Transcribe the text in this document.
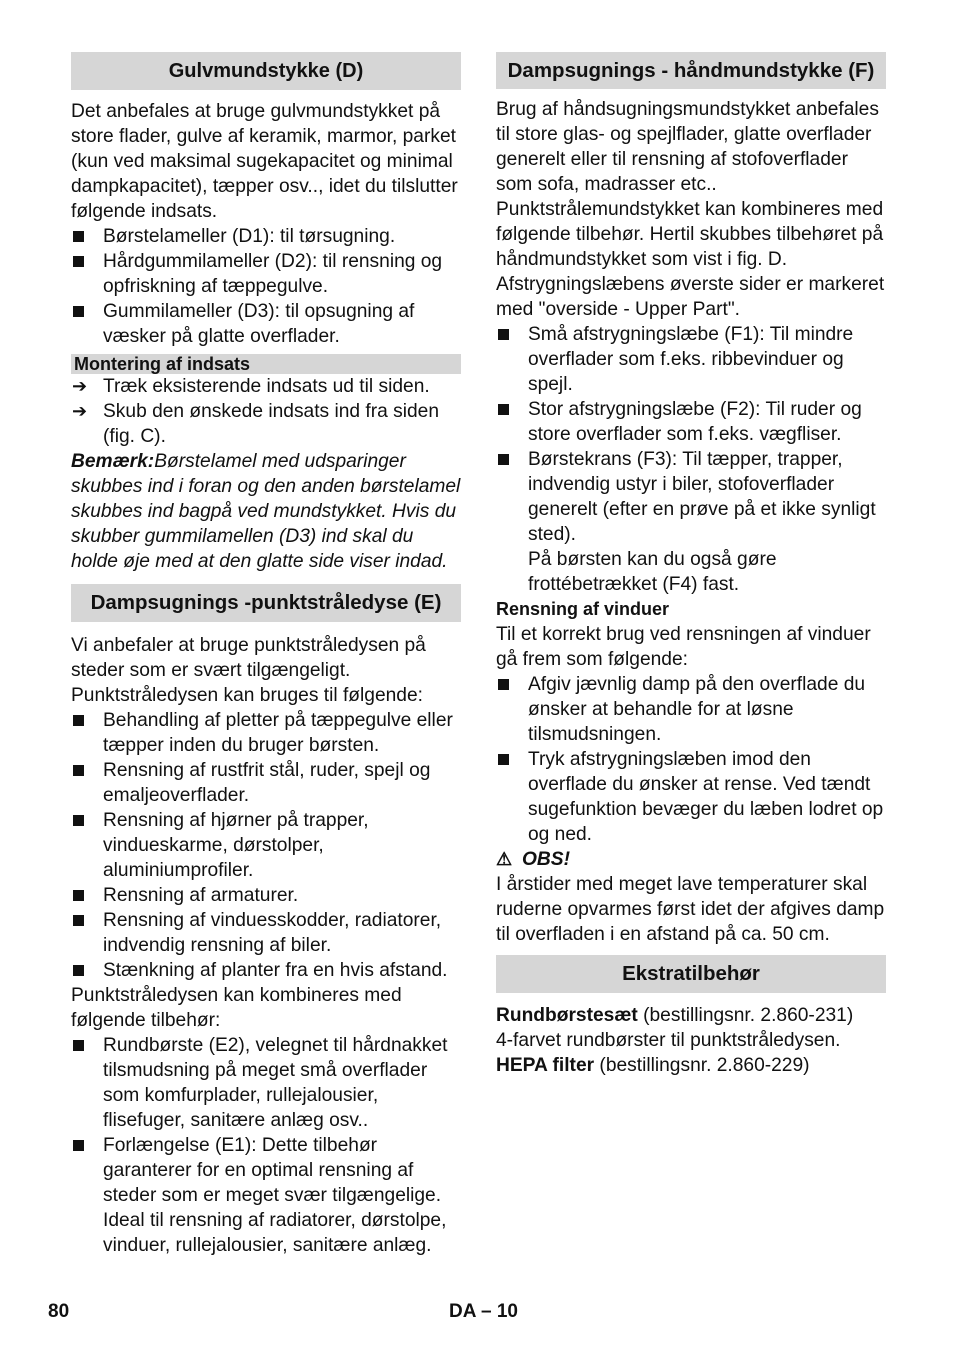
Gulvmundstykke (D)

Det anbefales at bruge gulvmundstykket på store flader, gulve af keramik, marmor, parket (kun ved maksimal sugekapacitet og minimal dampkapacitet), tæpper osv.., idet du tilslutter følgende indsats.

Børstelameller (D1): til tørsugning.
Hårdgummilameller (D2): til rensning og opfriskning af tæppegulve.
Gummilameller (D3): til opsugning af væsker på glatte overflader.
Montering af indsats
➔ Træk eksisterende indsats ud til siden.
➔ Skub den ønskede indsats ind fra siden (fig. C).

Bemærk:Børstelamel med udsparinger skubbes ind i foran og den anden børstelamel skubbes ind bagpå ved mundstykket. Hvis du skubber gummilamellen (D3) ind skal du holde øje med at den glatte side viser indad.

Dampsugnings -punktstråledyse (E)

Vi anbefaler at bruge punktstråledysen på steder som er svært tilgængeligt.

Punktstråledysen kan bruges til følgende:

Behandling af pletter på tæppegulve eller tæpper inden du bruger børsten.
Rensning af rustfrit stål, ruder, spejl og emaljeoverflader.
Rensning af hjørner på trapper, vindueskarme, dørstolper, aluminiumprofiler.
Rensning af armaturer.
Rensning af vinduesskodder, radiatorer, indvendig rensning af biler.
Stænkning af planter fra en hvis afstand.

Punktstråledysen kan kombineres med følgende tilbehør:

Rundbørste (E2), velegnet til hårdnakket tilsmudsning på meget små overflader som komfurplader, rullejalousier, flisefuger, sanitære anlæg osv..
Forlængelse (E1): Dette tilbehør garanterer for en optimal rensning af steder som er meget svær tilgængelige. Ideal til rensning af radiatorer, dørstolpe, vinduer, rullejalousier, sanitære anlæg.
Dampsugnings - håndmundstykke (F)

Brug af håndsugningsmundstykket anbefales til store glas- og spejlflader, glatte overflader generelt eller til rensning af stofoverflader som sofa, madrasser etc..

Punktstrålemundstykket kan kombineres med følgende tilbehør. Hertil skubbes tilbehøret på håndmundstykket som vist i fig. D.

Afstrygningslæbens øverste sider er markeret med "overside - Upper Part".

Små afstrygningslæbe (F1): Til mindre overflader som f.eks. ribbevinduer og spejl.
Stor afstrygningslæbe (F2): Til ruder og store overflader som f.eks. vægfliser.
Børstekrans (F3): Til tæpper, trapper, indvendig ustyr i biler, stofoverflader generelt (efter en prøve på et ikke synligt sted).
På børsten kan du også gøre frottébetrækket (F4) fast.
Rensning af vinduer

Til et korrekt brug ved rensningen af vinduer gå frem som følgende:

Afgiv jævnlig damp på den overflade du ønsker at behandle for at løsne tilsmudsningen.
Tryk afstrygningslæben imod den overflade du ønsker at rense. Ved tændt sugefunktion bevæger du læben lodret op og ned.
⚠ OBS!

I årstider med meget lave temperaturer skal ruderne opvarmes først idet der afgives damp til overfladen i en afstand på ca. 50 cm.

Ekstratilbehør

Rundbørstesæt (bestillingsnr. 2.860-231)

4-farvet rundbørster til punktstråledysen.

HEPA filter (bestillingsnr. 2.860-229)

80	DA – 10
